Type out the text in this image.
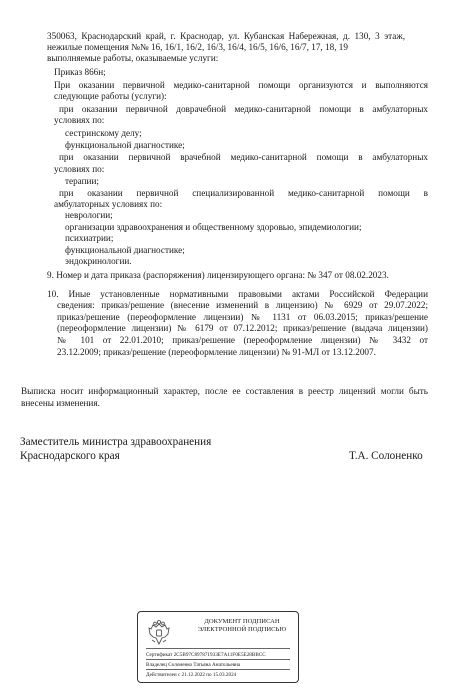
350063, Краснодарский край, г. Краснодар, ул. Кубанская Набережная, д. 130, 3 этаж,
нежилые помещения №№ 16, 16/1, 16/2, 16/3, 16/4, 16/5, 16/6, 16/7, 17, 18, 19
выполняемые работы, оказываемые услуги:
Приказ 866н;
При оказании первичной медико-санитарной помощи организуются и выполняются
следующие работы (услуги):
при оказании первичной доврачебной медико-санитарной помощи в амбулаторных
условиях по:
сестринскому делу;
функциональной диагностике;
при оказании первичной врачебной медико-санитарной помощи в амбулаторных
условиях по:
терапии;
при оказании первичной специализированной медико-санитарной помощи в
амбулаторных условиях по:
неврологии;
организации здравоохранения и общественному здоровью, эпидемиологии;
психиатрии;
функциональной диагностике;
эндокринологии.
9. Номер и дата приказа (распоряжения) лицензирующего органа: № 347 от 08.02.2023.
10. Иные установленные нормативными правовыми актами Российской Федерации
сведения: приказ/решение (внесение изменений в лицензию) № 6929 от 29.07.2022;
приказ/решение (переоформление лицензии) № 1131 от 06.03.2015; приказ/решение
(переоформление лицензии) № 6179 от 07.12.2012; приказ/решение (выдача лицензии)
№ 101 от 22.01.2010; приказ/решение (переоформление лицензии) № 3432 от
23.12.2009; приказ/решение (переоформление лицензии) № 91-МЛ от 13.12.2007.
Выписка носит информационный характер, после ее составления в реестр лицензий могли быть
внесены изменения.
Заместитель министра здравоохранения
Краснодарского края	Т.А. Солоненко
ДОКУМЕНТ ПОДПИСАН
ЭЛЕКТРОННОЙ ПОДПИСЬЮ
Сертификат 2C5B97C897871933E7A11F0E5E28BBCC
Владелец Солоненко Татьяна Анатольевна
Действителен с 21.12.2022 по 15.03.2024
